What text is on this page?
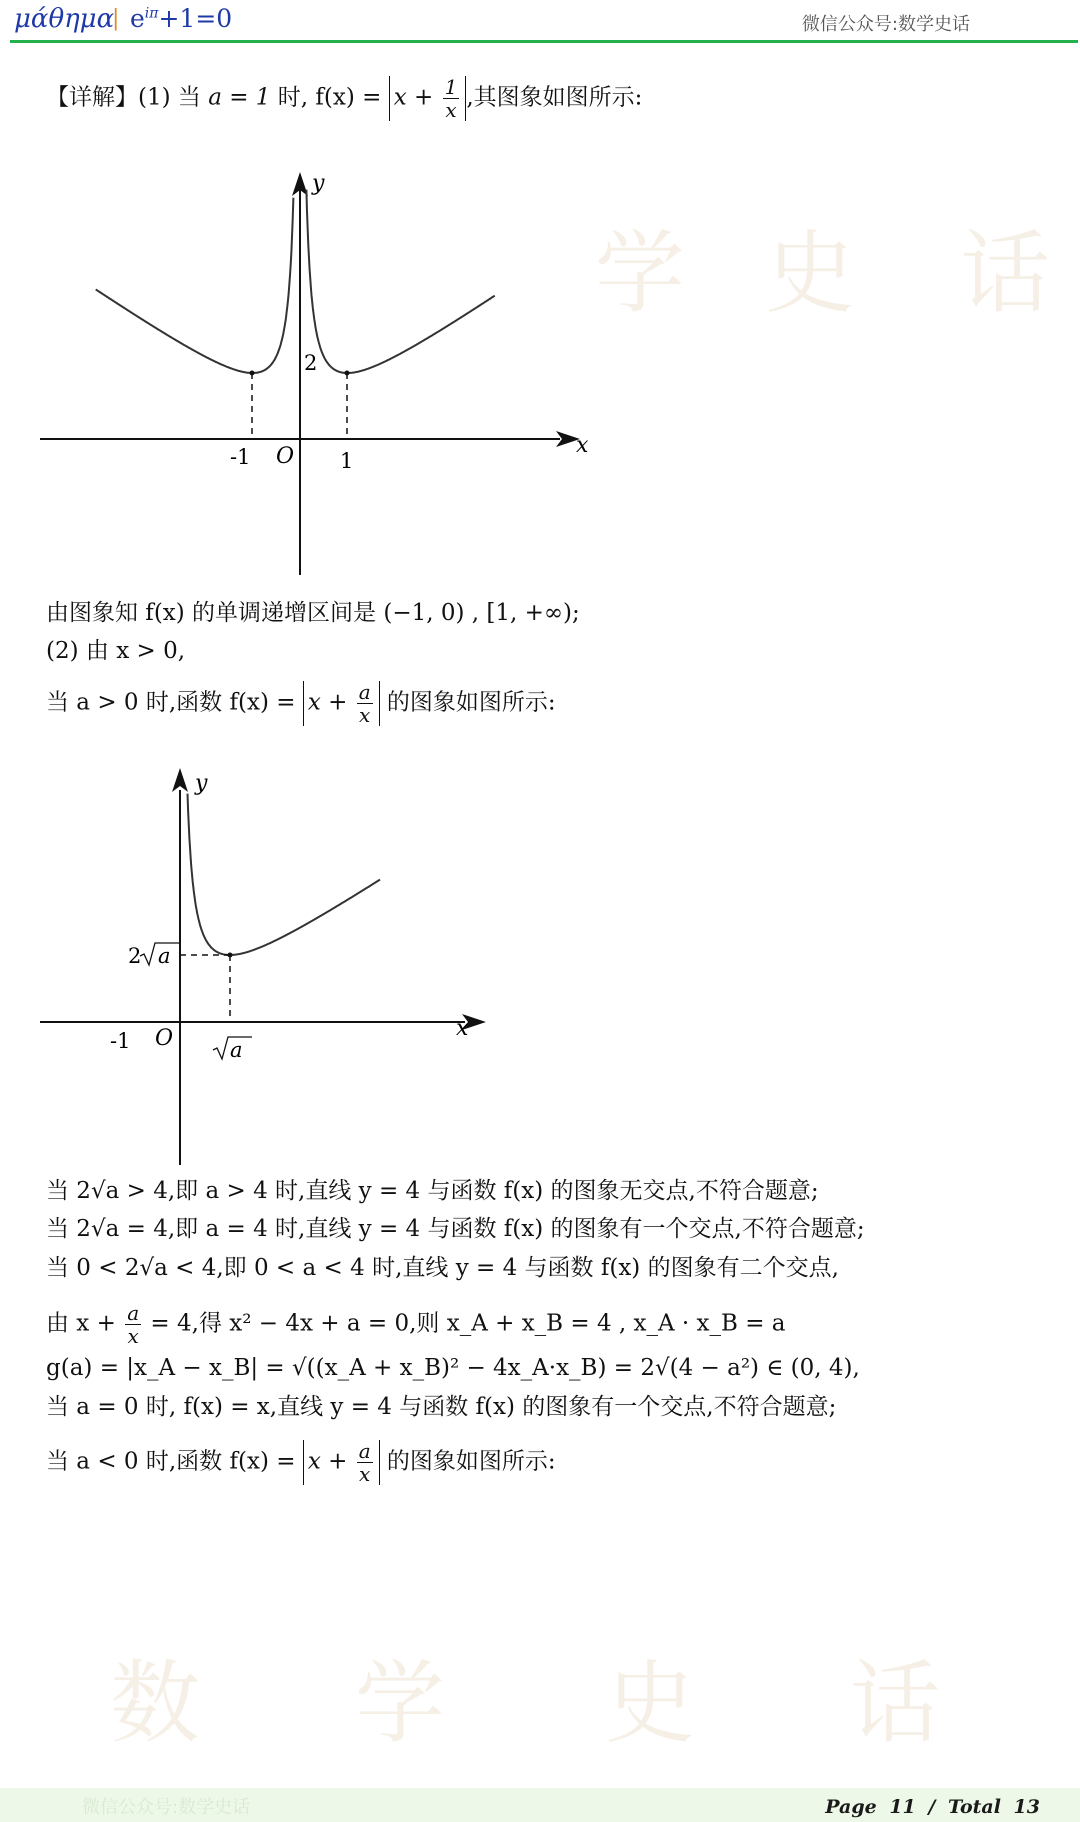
μάθημα
| $e^{i\pi}+1=0$	微信公众号:数学史话
学 史 话
数 学 史 话
【详解】(1) 当 a = 1 时, $f(x) = x + \frac{1}{x}$ ,其图象如图所示:
y
x
O
-1	1
2
由图象知 f(x) 的单调递增区间是 (−1, 0) , [1, +∞);
(2) 由 x > 0,
当 a > 0 时,函数 $f(x) = x + \frac{a}{x}$ 的图象如图所示:
y
x
O
-1
2 a
a
当 2√a > 4,即 a > 4 时,直线 y = 4 与函数 f(x) 的图象无交点,不符合题意;
当 2√a = 4,即 a = 4 时,直线 y = 4 与函数 f(x) 的图象有一个交点,不符合题意;
当 0 < 2√a < 4,即 0 < a < 4 时,直线 y = 4 与函数 f(x) 的图象有二个交点,
由 $x + \frac{a}{x} = 4$,得 x² − 4x + a = 0,则 x_A + x_B = 4 , x_A · x_B = a
g(a) = |x_A − x_B| = √((x_A + x_B)² − 4x_A·x_B) = 2√(4 − a²) ∈ (0, 4),
当 a = 0 时, f(x) = x,直线 y = 4 与函数 f(x) 的图象有一个交点,不符合题意;
当 a < 0 时,函数 $f(x) = x + \frac{a}{x}$ 的图象如图所示:
微信公众号:数学史话	Page 11 / Total 13
